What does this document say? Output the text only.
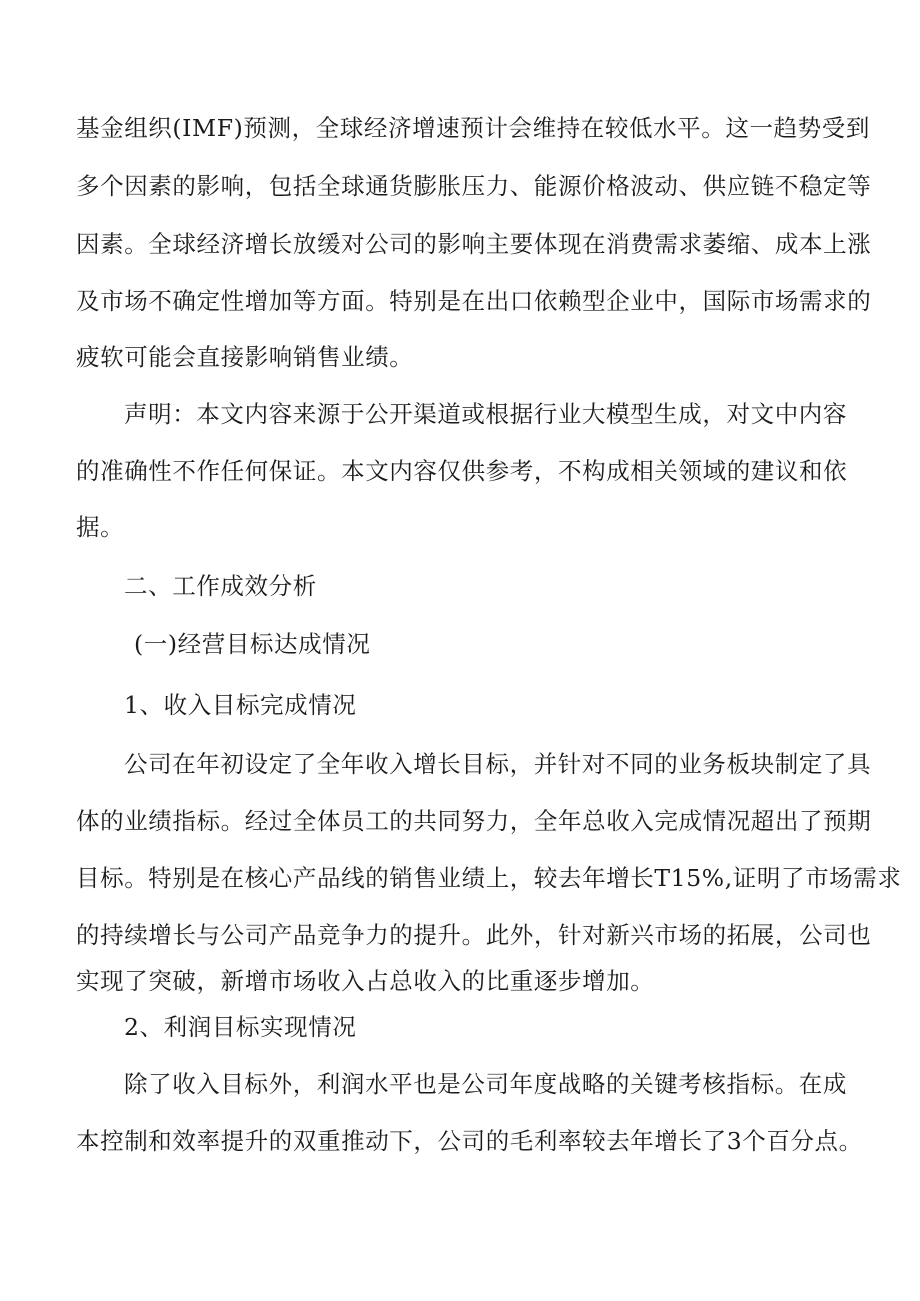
基金组织(IMF)预测，全球经济增速预计会维持在较低水平。这一趋势受到
多个因素的影响，包括全球通货膨胀压力、能源价格波动、供应链不稳定等
因素。全球经济增长放缓对公司的影响主要体现在消费需求萎缩、成本上涨
及市场不确定性增加等方面。特别是在出口依赖型企业中，国际市场需求的
疲软可能会直接影响销售业绩。
声明：本文内容来源于公开渠道或根据行业大模型生成，对文中内容
的准确性不作任何保证。本文内容仅供参考，不构成相关领域的建议和依
据。
二、工作成效分析
(一)经营目标达成情况
1、收入目标完成情况
公司在年初设定了全年收入增长目标，并针对不同的业务板块制定了具
体的业绩指标。经过全体员工的共同努力，全年总收入完成情况超出了预期
目标。特别是在核心产品线的销售业绩上，较去年增长T15%,证明了市场需求
的持续增长与公司产品竞争力的提升。此外，针对新兴市场的拓展，公司也
实现了突破，新增市场收入占总收入的比重逐步增加。
2、利润目标实现情况
除了收入目标外，利润水平也是公司年度战略的关键考核指标。在成
本控制和效率提升的双重推动下，公司的毛利率较去年增长了3个百分点。
